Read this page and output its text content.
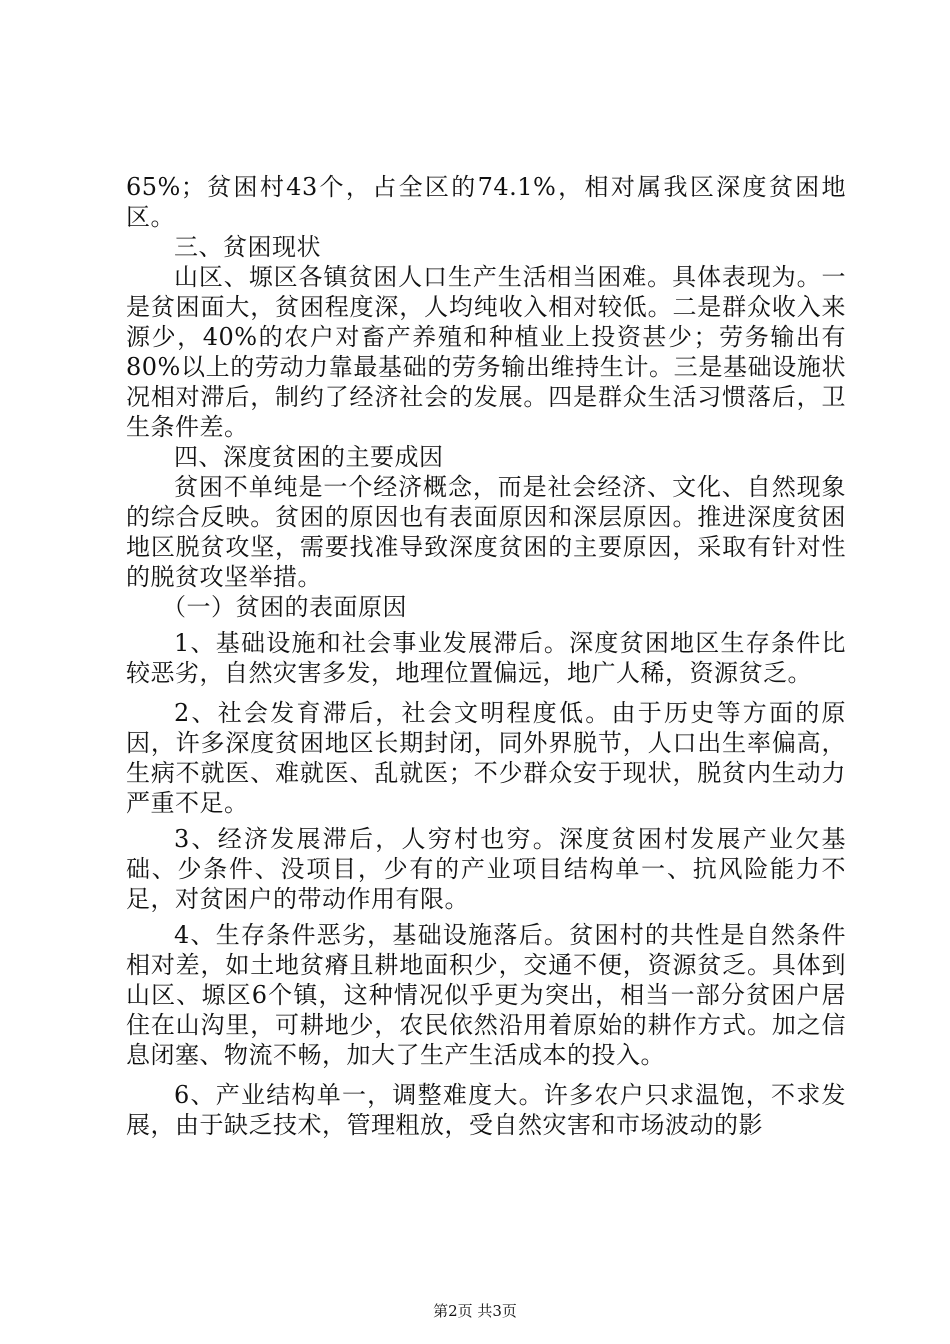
65%；贫困村43个，占全区的74.1%，相对属我区深度贫困地区。

三、贫困现状

山区、塬区各镇贫困人口生产生活相当困难。具体表现为。一是贫困面大，贫困程度深，人均纯收入相对较低。二是群众收入来源少，40%的农户对畜产养殖和种植业上投资甚少；劳务输出有80%以上的劳动力靠最基础的劳务输出维持生计。三是基础设施状况相对滞后，制约了经济社会的发展。四是群众生活习惯落后，卫生条件差。

四、深度贫困的主要成因

贫困不单纯是一个经济概念，而是社会经济、文化、自然现象的综合反映。贫困的原因也有表面原因和深层原因。推进深度贫困地区脱贫攻坚，需要找准导致深度贫困的主要原因，采取有针对性的脱贫攻坚举措。

（一）贫困的表面原因

1、基础设施和社会事业发展滞后。深度贫困地区生存条件比较恶劣，自然灾害多发，地理位置偏远，地广人稀，资源贫乏。

2、社会发育滞后，社会文明程度低。由于历史等方面的原因，许多深度贫困地区长期封闭，同外界脱节，人口出生率偏高，生病不就医、难就医、乱就医；不少群众安于现状，脱贫内生动力严重不足。

3、经济发展滞后，人穷村也穷。深度贫困村发展产业欠基础、少条件、没项目，少有的产业项目结构单一、抗风险能力不足，对贫困户的带动作用有限。

4、生存条件恶劣，基础设施落后。贫困村的共性是自然条件相对差，如土地贫瘠且耕地面积少，交通不便，资源贫乏。具体到山区、塬区6个镇，这种情况似乎更为突出，相当一部分贫困户居住在山沟里，可耕地少，农民依然沿用着原始的耕作方式。加之信息闭塞、物流不畅，加大了生产生活成本的投入。

6、产业结构单一，调整难度大。许多农户只求温饱，不求发展，由于缺乏技术，管理粗放，受自然灾害和市场波动的影

第2页 共3页
